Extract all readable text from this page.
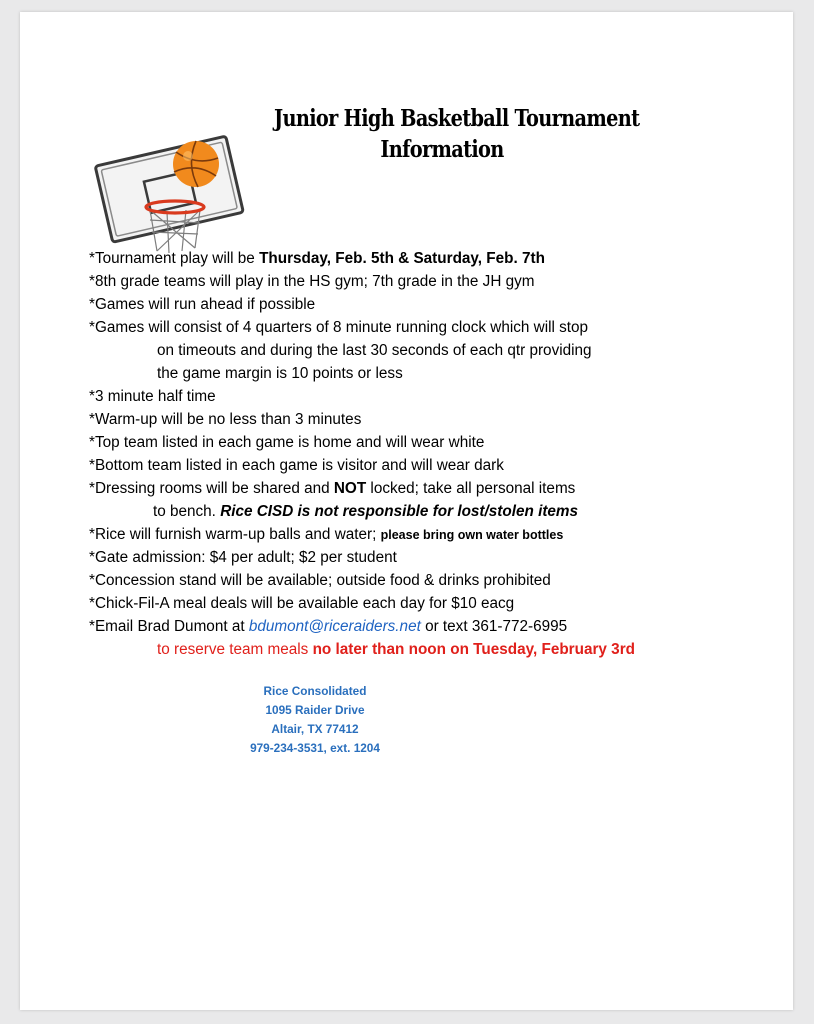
Junior High Basketball Tournament
Information
*Tournament play will be Thursday, Feb. 5th & Saturday, Feb. 7th
*8th grade teams will play in the HS gym; 7th grade in the JH gym
*Games will run ahead if possible
*Games will consist of 4 quarters of 8 minute running clock which will stop
on timeouts and during the last 30 seconds of each qtr providing
the game margin is 10 points or less
*3 minute half time
*Warm-up will be no less than 3 minutes
*Top team listed in each game is home and will wear white
*Bottom team listed in each game is visitor and will wear dark
*Dressing rooms will be shared and NOT locked; take all personal items
to bench. Rice CISD is not responsible for lost/stolen items
*Rice will furnish warm-up balls and water; please bring own water bottles
*Gate admission: $4 per adult; $2 per student
*Concession stand will be available; outside food & drinks prohibited
*Chick-Fil-A meal deals will be available each day for $10 eacg
*Email Brad Dumont at bdumont@riceraiders.net or text 361-772-6995
to reserve team meals no later than noon on Tuesday, February 3rd
Rice Consolidated
1095 Raider Drive
Altair, TX 77412
979-234-3531, ext. 1204
